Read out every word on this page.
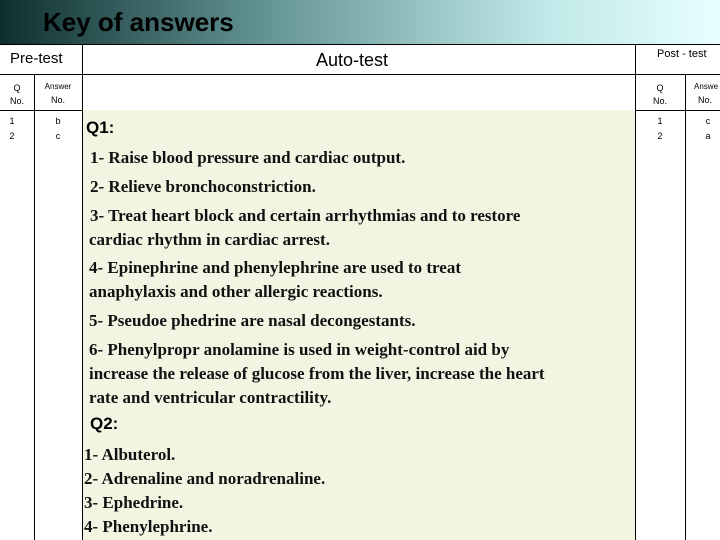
Key of answers
Pre-test
Q
No.
Answer
No.
1	b
2	c
Auto-test
Q1:
1- Raise blood pressure and cardiac output.
2- Relieve bronchoconstriction.
3- Treat heart block and certain arrhythmias and to restore
cardiac rhythm in cardiac arrest.
4- Epinephrine and phenylephrine are used to treat
anaphylaxis and other allergic reactions.
5- Pseudoe phedrine are nasal decongestants.
6- Phenylpropr anolamine is used in weight-control aid by
increase the release of glucose from the liver, increase the heart
rate and ventricular contractility.
Q2:
1- Albuterol.
2- Adrenaline and noradrenaline.
3- Ephedrine.
4- Phenylephrine.
Post - test
Q
No.
Answe
No.
1	c
2	a
